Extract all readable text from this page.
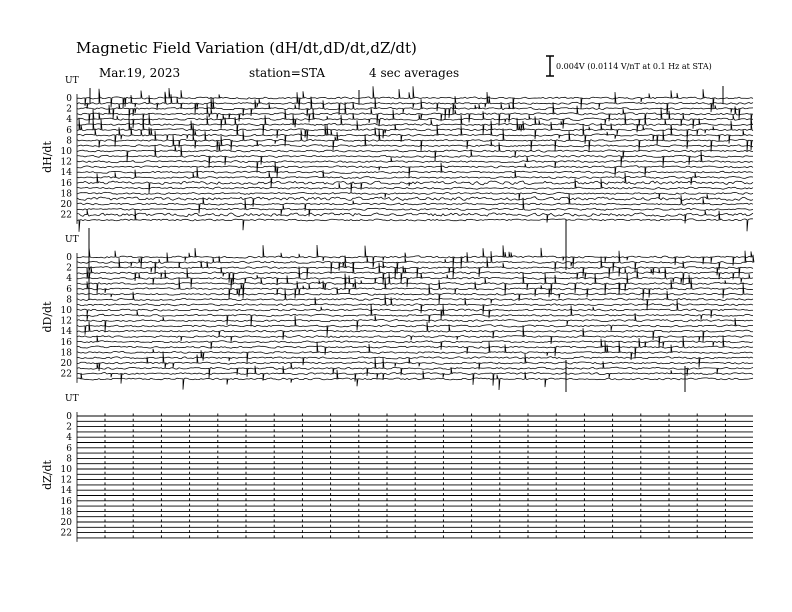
Magnetic Field Variation (dH/dt,dD/dt,dZ/dt)
Mar.19, 2023	station=STA	4 sec averages	0.004V (0.0114 V/nT at 0.1 Hz at STA)
UT
dH/dt
0
2
4
6
8
10
12
14
16
18
20
22
UT
dD/dt
0
2
4
6
8
10
12
14
16
18
20
22
UT
dZ/dt
0
2
4
6
8
10
12
14
16
18
20
22
